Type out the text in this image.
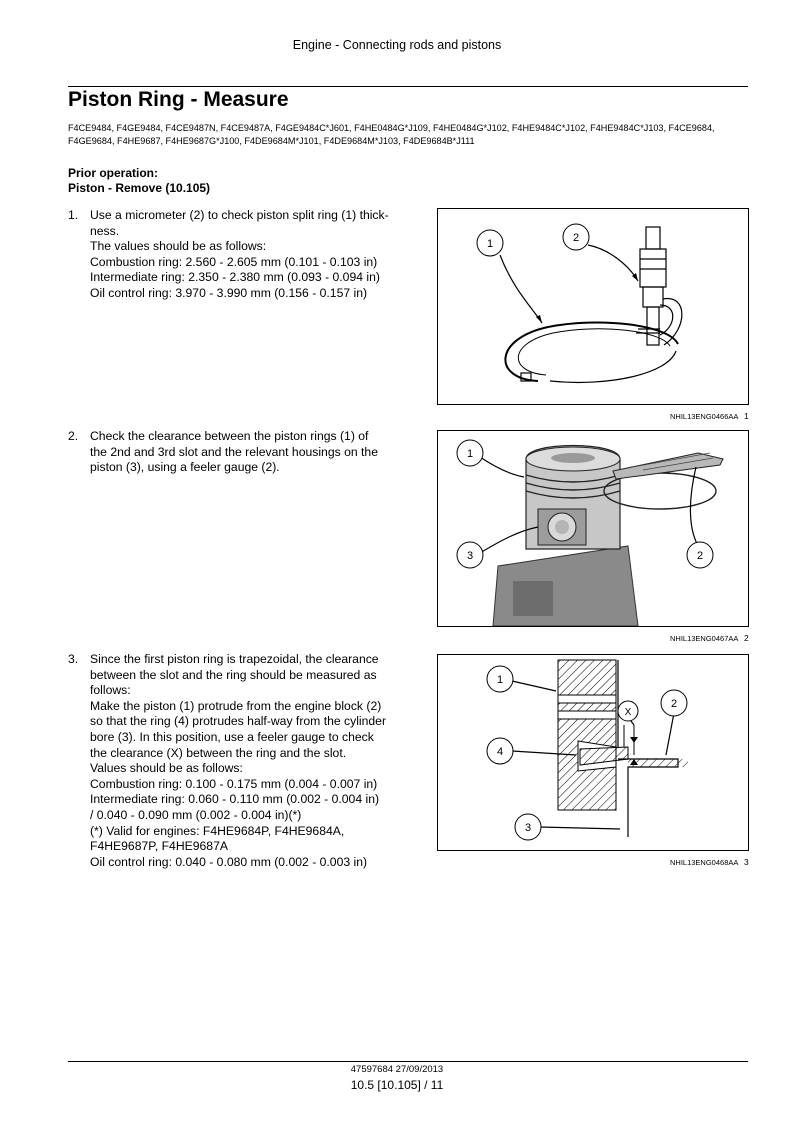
Engine - Connecting rods and pistons
Piston Ring - Measure
F4CE9484, F4GE9484, F4CE9487N, F4CE9487A, F4GE9484C*J601, F4HE0484G*J109, F4HE0484G*J102, F4HE9484C*J102, F4HE9484C*J103, F4CE9684, F4GE9684, F4HE9687, F4HE9687G*J100, F4DE9684M*J101, F4DE9684M*J103, F4DE9684B*J111
Prior operation:
Piston - Remove (10.105)
1. Use a micrometer (2) to check piston split ring (1) thick-
ness.
The values should be as follows:
Combustion ring: 2.560 - 2.605 mm (0.101 - 0.103 in)
Intermediate ring: 2.350 - 2.380 mm (0.093 - 0.094 in)
Oil control ring: 3.970 - 3.990 mm (0.156 - 0.157 in)
2. Check the clearance between the piston rings (1) of
the 2nd and 3rd slot and the relevant housings on the
piston (3), using a feeler gauge (2).
3. Since the first piston ring is trapezoidal, the clearance
between the slot and the ring should be measured as
follows:
Make the piston (1) protrude from the engine block (2)
so that the ring (4) protrudes half-way from the cylinder
bore (3). In this position, use a feeler gauge to check
the clearance (X) between the ring and the slot.
Values should be as follows:
Combustion ring: 0.100 - 0.175 mm (0.004 - 0.007 in)
Intermediate ring: 0.060 - 0.110 mm (0.002 - 0.004 in)
/ 0.040 - 0.090 mm (0.002 - 0.004 in)(*)
(*) Valid for engines: F4HE9684P, F4HE9684A,
F4HE9687P, F4HE9687A
Oil control ring: 0.040 - 0.080 mm (0.002 - 0.003 in)
1	2
NHIL13ENG0466AA 1
1
2
3
NHIL13ENG0467AA 2
1
2
X
4
3
NHIL13ENG0468AA 3
47597684 27/09/2013
10.5 [10.105] / 11
